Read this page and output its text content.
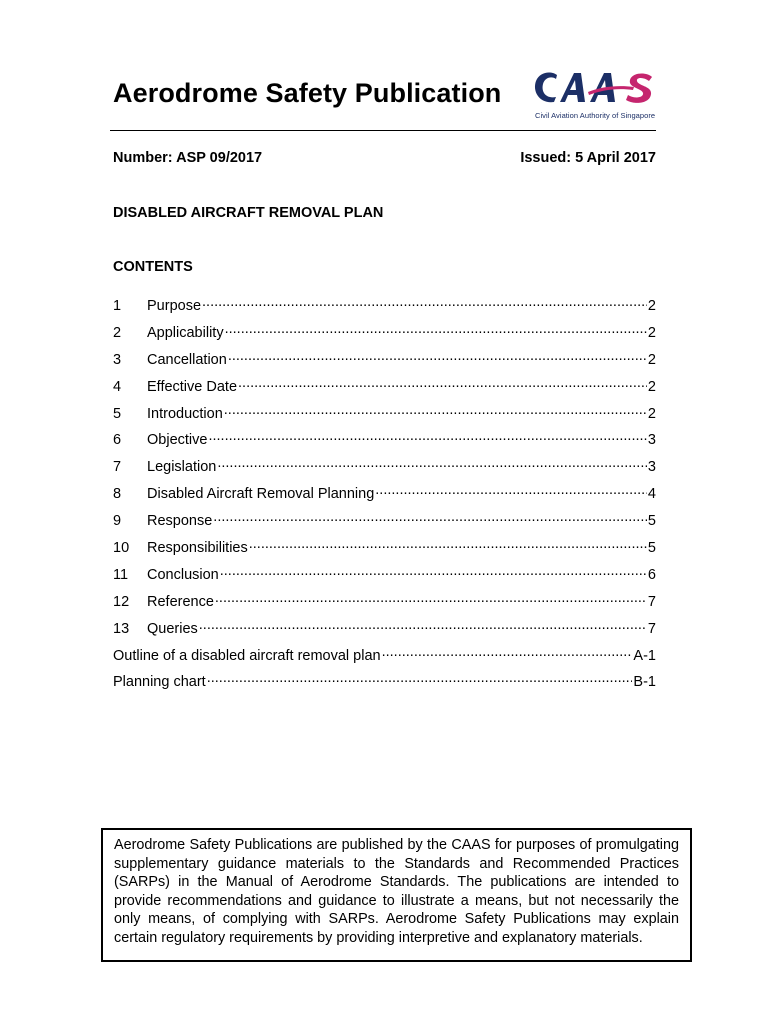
Aerodrome Safety Publication
Civil Aviation Authority of Singapore
Number: ASP 09/2017	Issued: 5 April 2017
DISABLED AIRCRAFT REMOVAL PLAN
CONTENTS
1	Purpose .....	2
2	Applicability .....	2
3	Cancellation .....	2
4	Effective Date .....	2
5	Introduction .....	2
6	Objective .....	3
7	Legislation .....	3
8	Disabled Aircraft Removal Planning .....	4
9	Response .....	5
10	Responsibilities .....	5
11	Conclusion .....	6
12	Reference .....	7
13	Queries .....	7
Outline of a disabled aircraft removal plan .....	A-1
Planning chart .....	B-1

Aerodrome Safety Publications are published by the CAAS for purposes of promulgating supplementary guidance materials to the Standards and Recommended Practices (SARPs) in the Manual of Aerodrome Standards. The publications are intended to provide recommendations and guidance to illustrate a means, but not necessarily the only means, of complying with SARPs. Aerodrome Safety Publications may explain certain regulatory requirements by providing interpretive and explanatory materials.
